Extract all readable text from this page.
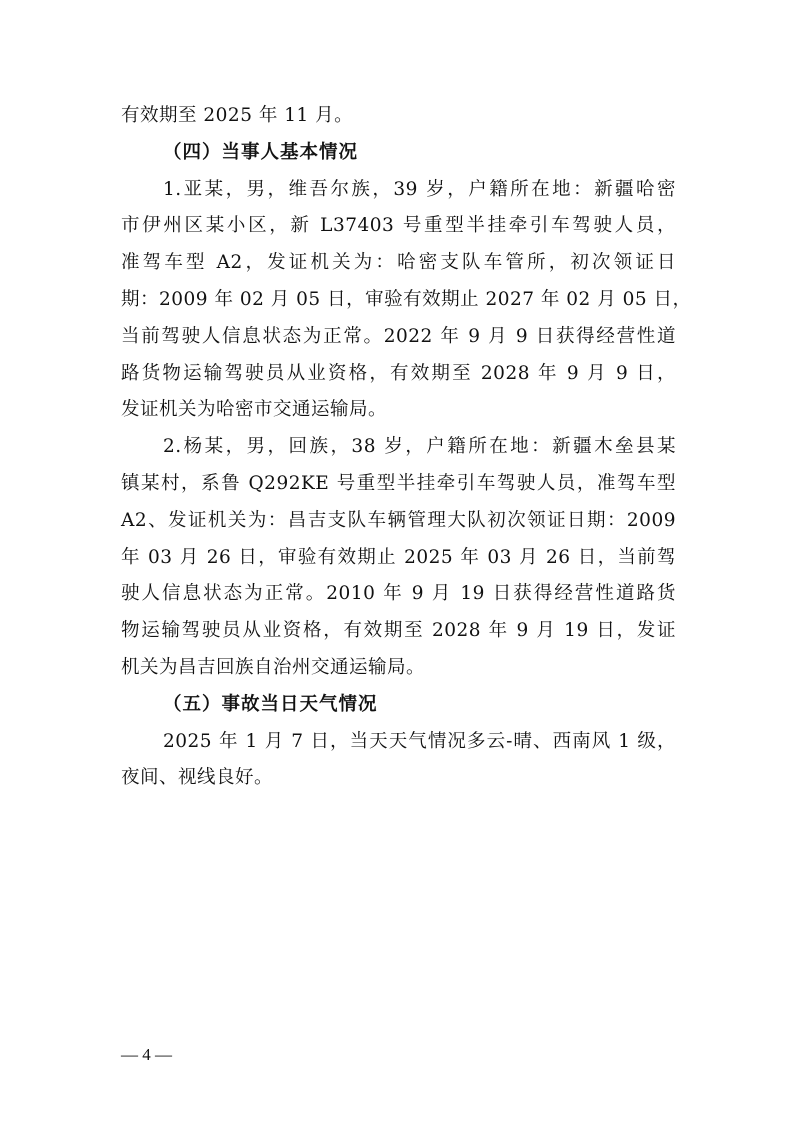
有效期至 2025 年 11 月。
（四）当事人基本情况
1.亚某，男，维吾尔族，39 岁，户籍所在地：新疆哈密
市伊州区某小区，新 L37403 号重型半挂牵引车驾驶人员，
准驾车型 A2，发证机关为：哈密支队车管所，初次领证日
期：2009 年 02 月 05 日，审验有效期止 2027 年 02 月 05 日，
当前驾驶人信息状态为正常。2022 年 9 月 9 日获得经营性道
路货物运输驾驶员从业资格，有效期至 2028 年 9 月 9 日，
发证机关为哈密市交通运输局。
2.杨某，男，回族，38 岁，户籍所在地：新疆木垒县某
镇某村，系鲁 Q292KE 号重型半挂牵引车驾驶人员，准驾车型
A2、发证机关为：昌吉支队车辆管理大队初次领证日期：2009
年 03 月 26 日，审验有效期止 2025 年 03 月 26 日，当前驾
驶人信息状态为正常。2010 年 9 月 19 日获得经营性道路货
物运输驾驶员从业资格，有效期至 2028 年 9 月 19 日，发证
机关为昌吉回族自治州交通运输局。
（五）事故当日天气情况
2025 年 1 月 7 日，当天天气情况多云-晴、西南风 1 级，
夜间、视线良好。
— 4 —
